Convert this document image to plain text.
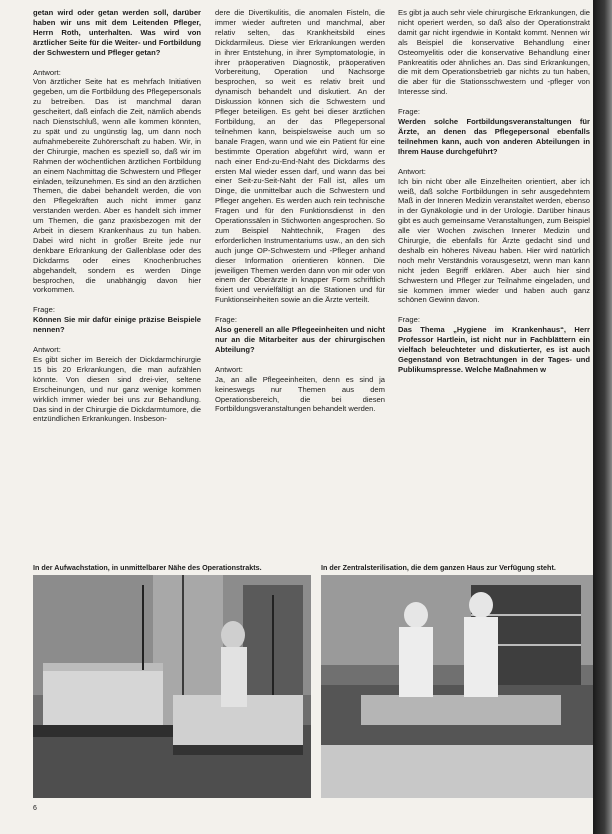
getan wird oder getan werden soll, darüber haben wir uns mit dem Leitenden Pfleger, Herrn Roth, unterhalten. Was wird von ärztlicher Seite für die Weiter- und Fortbildung der Schwestern und Pfleger getan?

Antwort:

Von ärztlicher Seite hat es mehrfach Initiativen gegeben, um die Fortbildung des Pflegepersonals zu betreiben. Das ist manchmal daran gescheitert, daß einfach die Zeit, nämlich abends nach Dienstschluß, wenn alle kommen könnten, zu spät und zu ungünstig lag, um dann noch aufnahmebereite Zuhörerschaft zu haben. Wir, in der Chirurgie, machen es speziell so, daß wir im Rahmen der wöchentlichen ärztlichen Fortbildung an einem Nachmittag die Schwestern und Pfleger einladen, teilzunehmen. Es sind an den ärztlichen Themen, die dabei behandelt werden, die von den Pflegekräften auch nicht immer ganz verstanden werden. Aber es handelt sich immer um Themen, die ganz praxisbezogen mit der Arbeit in diesem Krankenhaus zu tun haben. Dabei wird nicht in großer Breite jede nur denkbare Erkrankung der Gallenblase oder des Dickdarms oder eines Knochenbruches abgehandelt, sondern es werden Dinge besprochen, die unabhängig davon hier vorkommen.

Frage:

Können Sie mir dafür einige präzise Beispiele nennen?

Antwort:

Es gibt sicher im Bereich der Dickdarmchirurgie 15 bis 20 Erkrankungen, die man aufzählen könnte. Von diesen sind drei-vier, seltene Erscheinungen, und nur ganz wenige kommen wirklich immer wieder bei uns zur Behandlung. Das sind in der Chirurgie die Dickdarmtumore, die entzündlichen Erkrankungen. Insbeson-

dere die Divertikulitis, die anomalen Fisteln, die immer wieder auftreten und manchmal, aber relativ selten, das Krankheitsbild eines Dickdarmileus. Diese vier Erkrankungen werden in ihrer Entstehung, in ihrer Symptomatologie, in ihrer präoperativen Diagnostik, präoperativen Vorbereitung, Operation und Nachsorge besprochen, so weit es relativ breit und dynamisch behandelt und diskutiert. An der Diskussion können sich die Schwestern und Pfleger beteiligen. Es geht bei dieser ärztlichen Fortbildung, an der das Pflegepersonal teilnehmen kann, beispielsweise auch um so banale Fragen, wann und wie ein Patient für eine bestimmte Operation abgeführt wird, wann er nach einer End-zu-End-Naht des Dickdarms des ersten Mal wieder essen darf, und wann das bei einer Seit-zu-Seit-Naht der Fall ist, alles um Dinge, die unmittelbar auch die Schwestern und Pfleger angehen. Es werden auch rein technische Fragen und für den Funktionsdienst in den Operationssälen in Stichworten angesprochen. So zum Beispiel Nahttechnik, Fragen des erforderlichen Instrumentariums usw., an den sich auch junge OP-Schwestern und -Pfleger anhand dieser Information orientieren können. Die jeweiligen Themen werden dann von mir oder von einem der Oberärzte in knapper Form schriftlich fixiert und vervielfältigt an die Stationen und für Funktionseinheiten sowie an die Ärzte verteilt.

Frage:

Also generell an alle Pflegeeinheiten und nicht nur an die Mitarbeiter aus der chirurgischen Abteilung?

Antwort:

Ja, an alle Pflegeeinheiten, denn es sind ja keineswegs nur Themen aus dem Operationsbereich, die bei diesen Fortbildungsveranstaltungen behandelt werden.

Es gibt ja auch sehr viele chirurgische Erkrankungen, die nicht operiert werden, so daß also der Operationstrakt damit gar nicht irgendwie in Kontakt kommt. Nennen wir als Beispiel die konservative Behandlung einer Osteomyelitis oder die konservative Behandlung einer Pankreatitis oder ähnliches an. Das sind Erkrankungen, die mit dem Operationsbetrieb gar nichts zu tun haben, die aber für die Stationsschwestern und -pfleger von Interesse sind.

Frage:

Werden solche Fortbildungsveranstaltungen für Ärzte, an denen das Pflegepersonal ebenfalls teilnehmen kann, auch von anderen Abteilungen in Ihrem Hause durchgeführt?

Antwort:

Ich bin nicht über alle Einzelheiten orientiert, aber ich weiß, daß solche Fortbildungen in sehr ausgedehntem Maß in der Inneren Medizin veranstaltet werden, ebenso in der Gynäkologie und in der Urologie. Darüber hinaus gibt es auch gemeinsame Veranstaltungen, zum Beispiel alle vier Wochen zwischen Innerer Medizin und Chirurgie, die ebenfalls für Ärzte gedacht sind und deshalb ein höheres Niveau haben. Hier wird natürlich noch mehr Verständnis vorausgesetzt, wenn man kann nicht jeden Begriff erklären. Aber auch hier sind Schwestern und Pfleger zur Teilnahme eingeladen, und sie kommen immer wieder und haben auch ganz schönen Gewinn davon.

Frage:

Das Thema „Hygiene im Krankenhaus“, Herr Professor Hartlein, ist nicht nur in Fachblättern ein vielfach beleuchteter und diskutierter, es ist auch Gegenstand von Betrachtungen in der Tages- und Publikumspresse. Welche Maßnahmen w

In der Aufwachstation, in unmittelbarer Nähe des Operationstrakts.	In der Zentralsterilisation, die dem ganzen Haus zur Verfügung steht.
6
